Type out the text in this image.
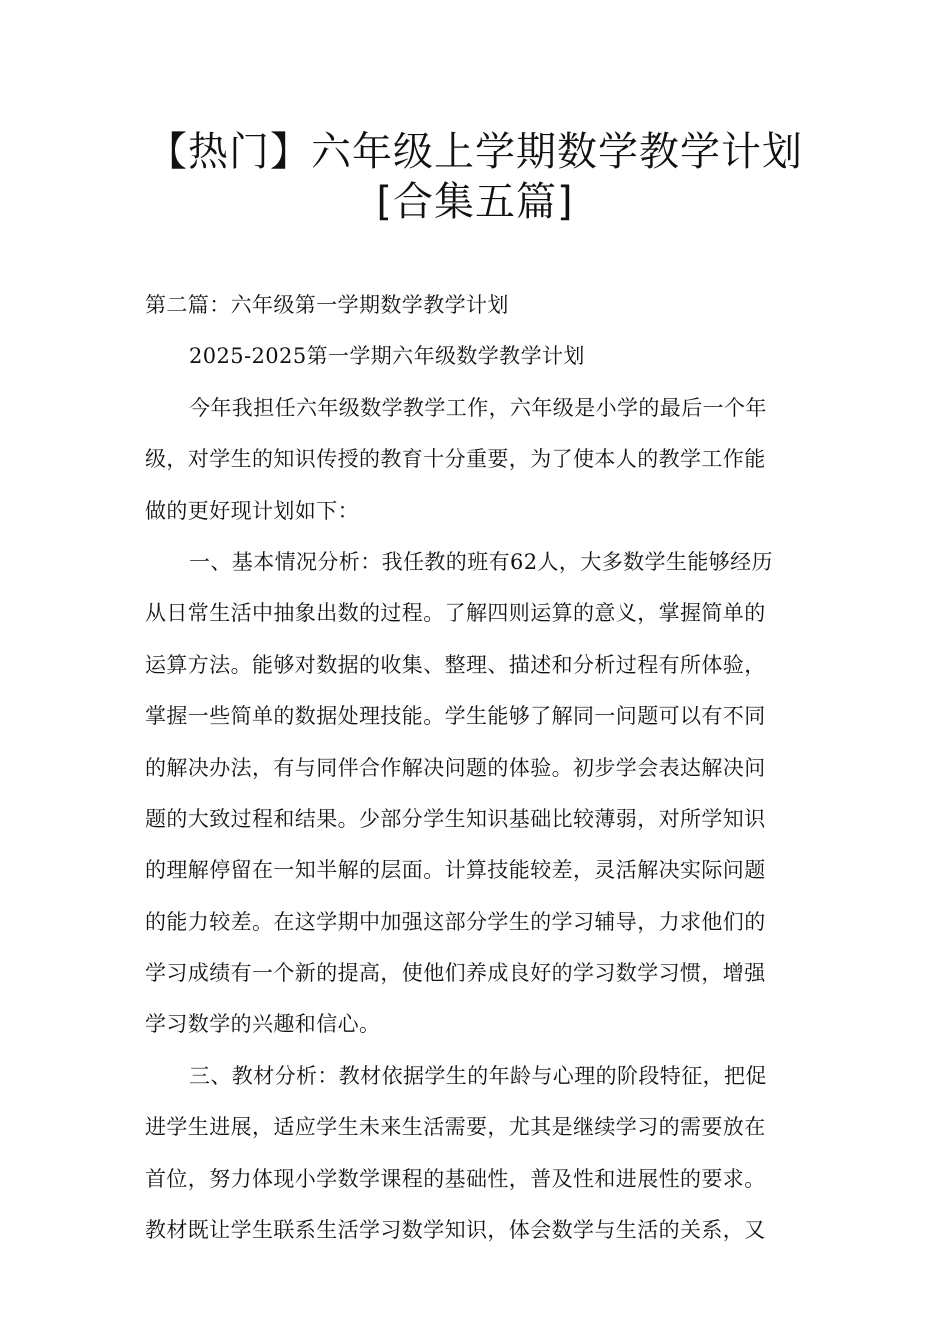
【热门】六年级上学期数学教学计划
[合集五篇]
第二篇：六年级第一学期数学教学计划
2025-2025第一学期六年级数学教学计划
今年我担任六年级数学教学工作，六年级是小学的最后一个年
级，对学生的知识传授的教育十分重要，为了使本人的教学工作能
做的更好现计划如下：
一、基本情况分析：我任教的班有62人，大多数学生能够经历
从日常生活中抽象出数的过程。了解四则运算的意义，掌握简单的
运算方法。能够对数据的收集、整理、描述和分析过程有所体验，
掌握一些简单的数据处理技能。学生能够了解同一问题可以有不同
的解决办法，有与同伴合作解决问题的体验。初步学会表达解决问
题的大致过程和结果。少部分学生知识基础比较薄弱，对所学知识
的理解停留在一知半解的层面。计算技能较差，灵活解决实际问题
的能力较差。在这学期中加强这部分学生的学习辅导，力求他们的
学习成绩有一个新的提高，使他们养成良好的学习数学习惯，增强
学习数学的兴趣和信心。
三、教材分析：教材依据学生的年龄与心理的阶段特征，把促
进学生进展，适应学生未来生活需要，尤其是继续学习的需要放在
首位，努力体现小学数学课程的基础性，普及性和进展性的要求。
教材既让学生联系生活学习数学知识，体会数学与生活的关系，又
